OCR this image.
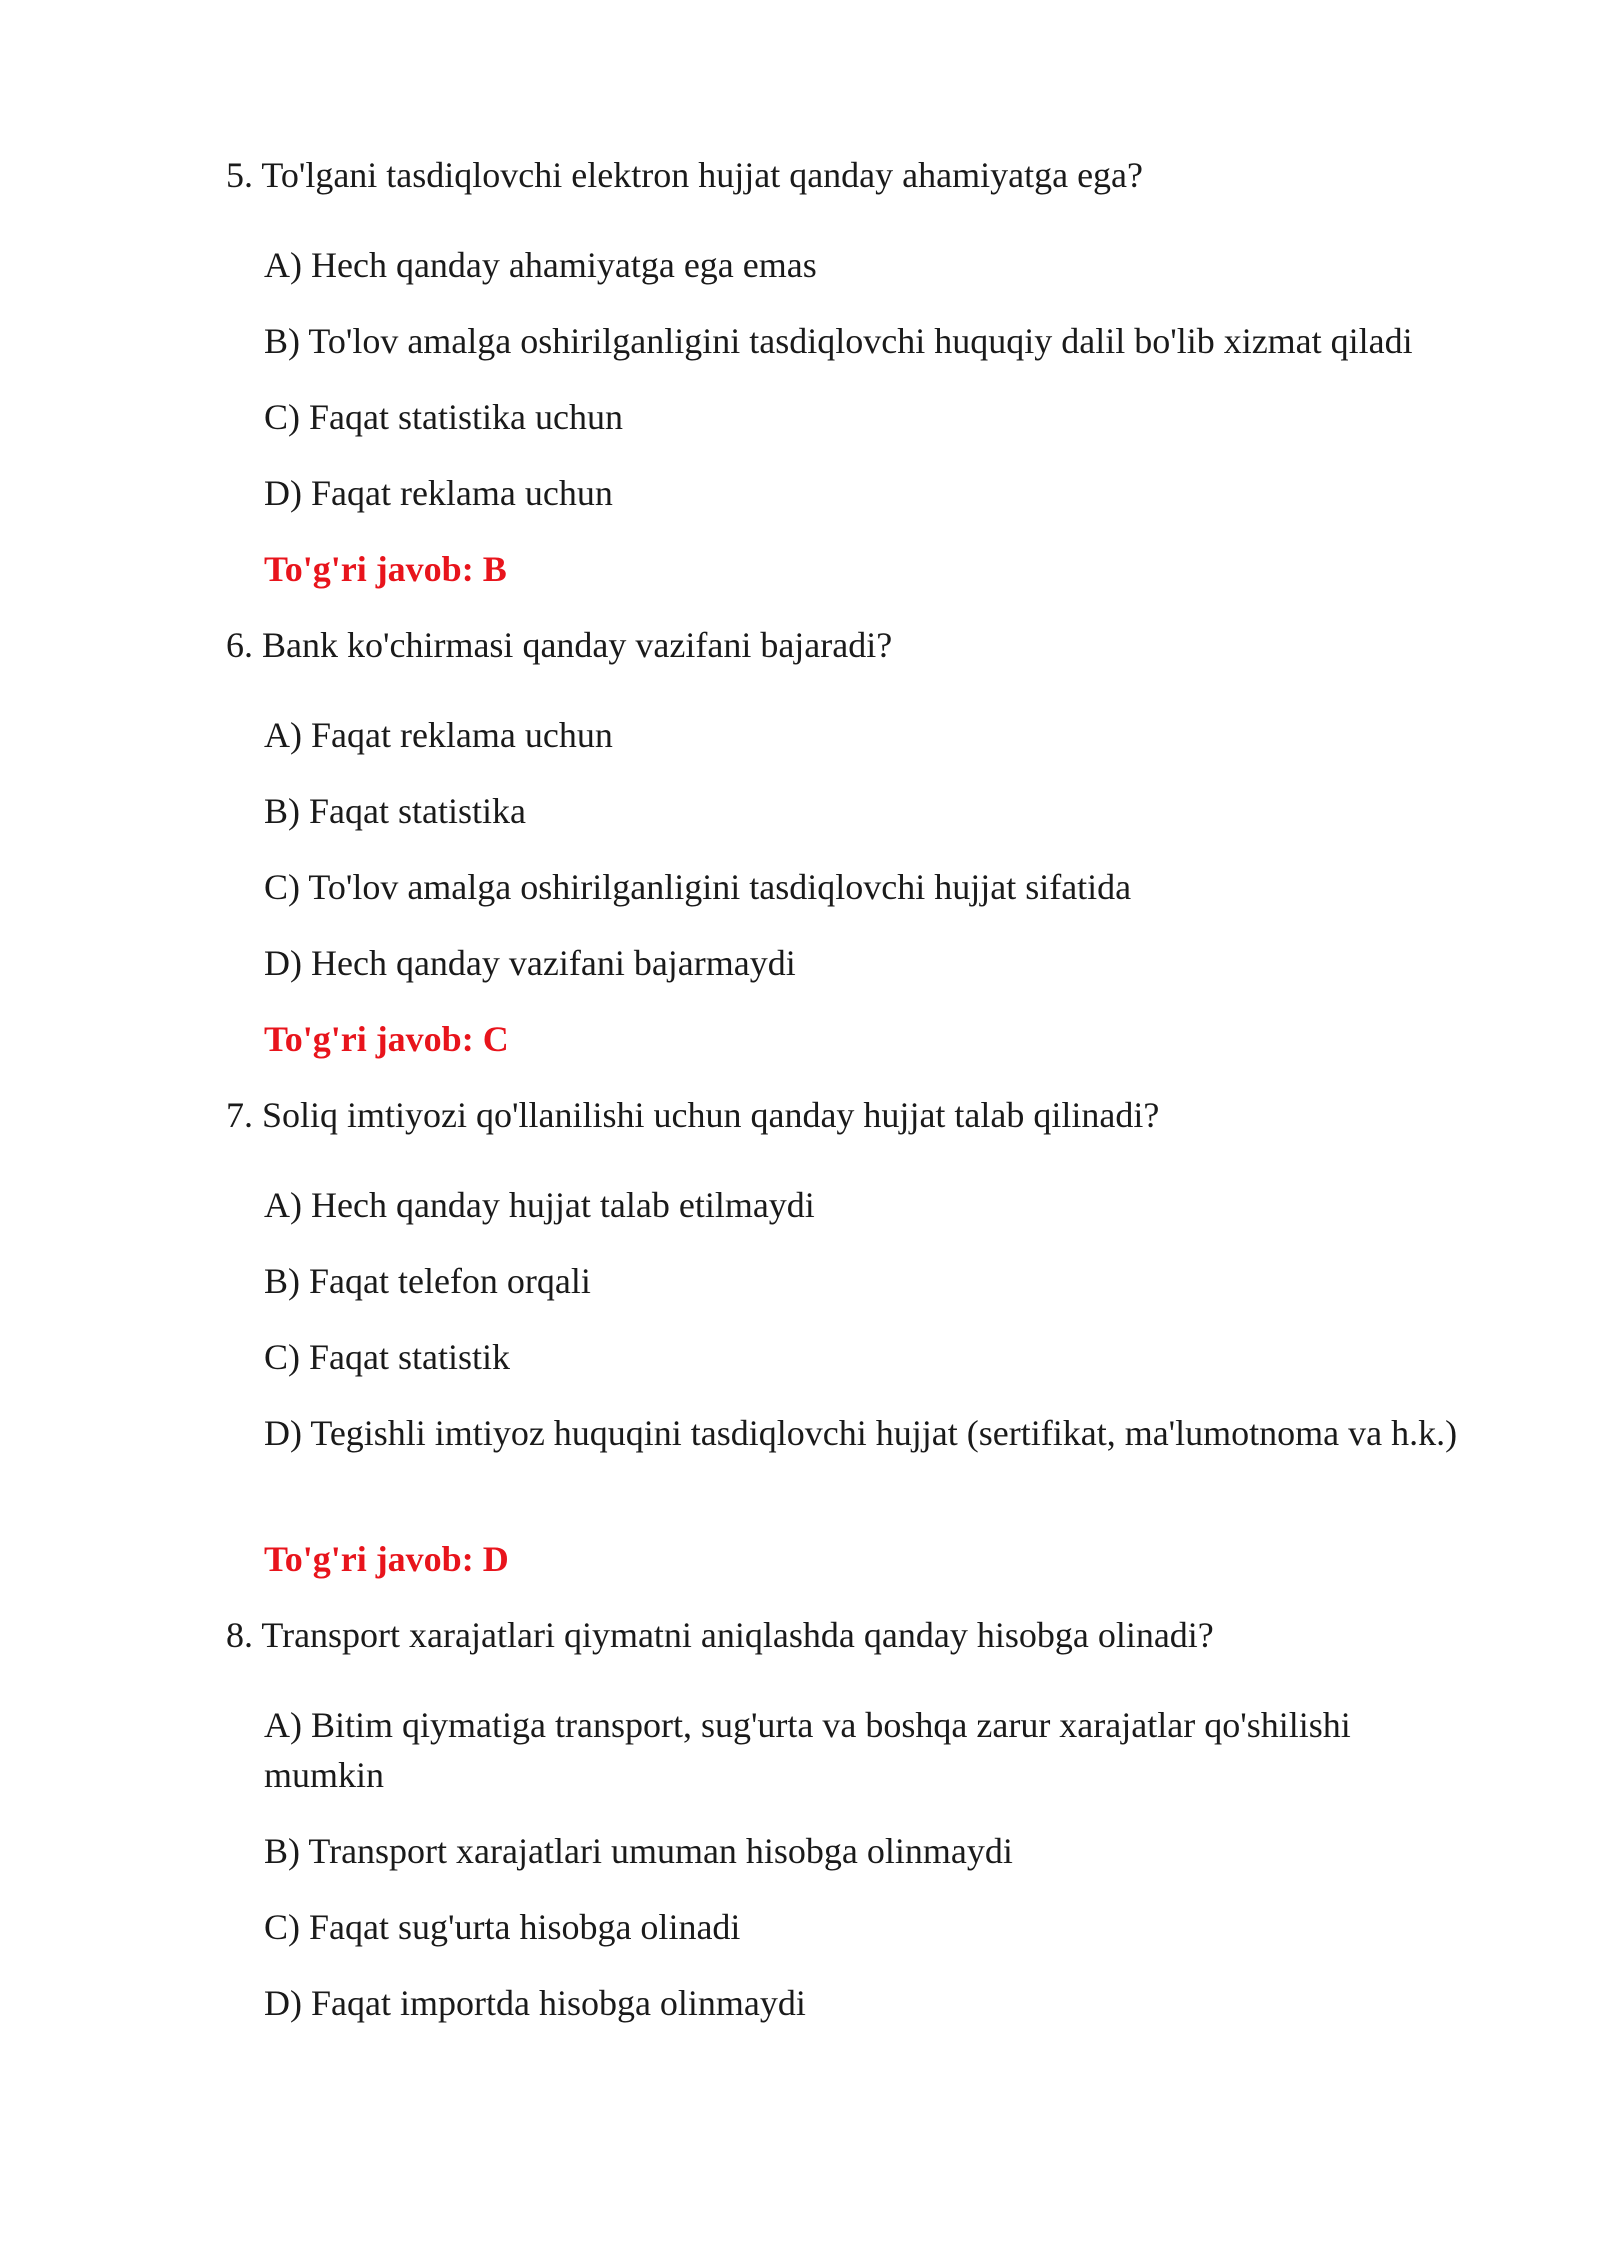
5. To'lgani tasdiqlovchi elektron hujjat qanday ahamiyatga ega?
A) Hech qanday ahamiyatga ega emas
B) To'lov amalga oshirilganligini tasdiqlovchi huquqiy dalil bo'lib xizmat qiladi
C) Faqat statistika uchun
D) Faqat reklama uchun
To'g'ri javob: B
6. Bank ko'chirmasi qanday vazifani bajaradi?
A) Faqat reklama uchun
B) Faqat statistika
C) To'lov amalga oshirilganligini tasdiqlovchi hujjat sifatida
D) Hech qanday vazifani bajarmaydi
To'g'ri javob: C
7. Soliq imtiyozi qo'llanilishi uchun qanday hujjat talab qilinadi?
A) Hech qanday hujjat talab etilmaydi
B) Faqat telefon orqali
C) Faqat statistik
D) Tegishli imtiyoz huquqini tasdiqlovchi hujjat (sertifikat, ma'lumotnoma va h.k.)
To'g'ri javob: D
8. Transport xarajatlari qiymatni aniqlashda qanday hisobga olinadi?
A) Bitim qiymatiga transport, sug'urta va boshqa zarur xarajatlar qo'shilishi mumkin
B) Transport xarajatlari umuman hisobga olinmaydi
C) Faqat sug'urta hisobga olinadi
D) Faqat importda hisobga olinmaydi
